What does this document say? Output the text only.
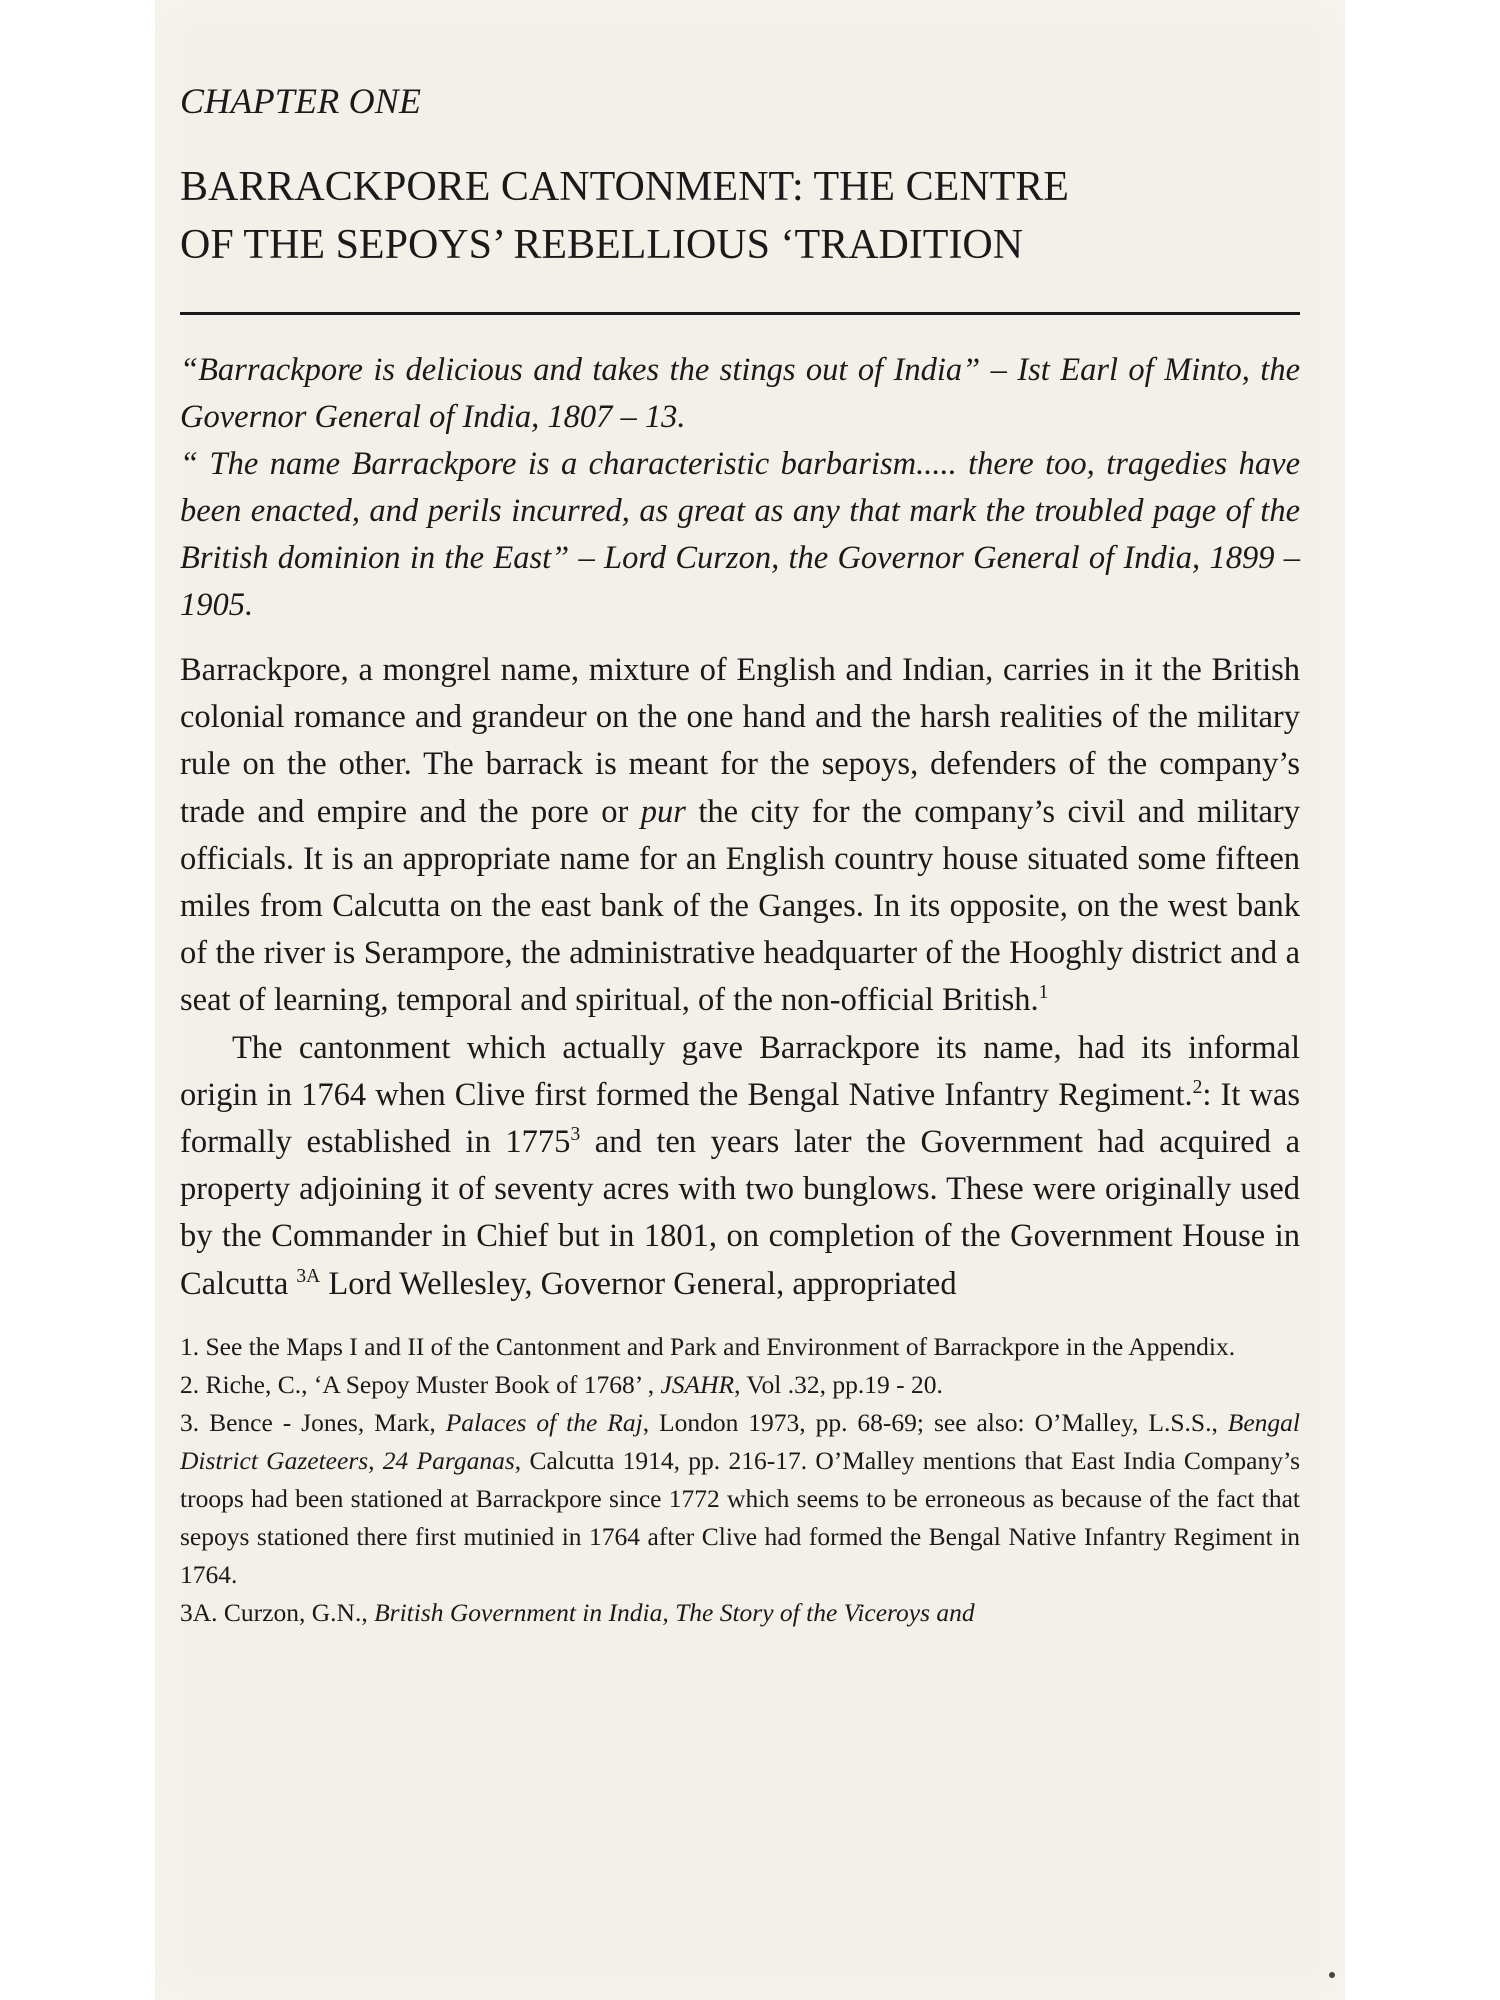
CHAPTER ONE

BARRACKPORE CANTONMENT: THE CENTRE
OF THE SEPOYS’ REBELLIOUS ‘TRADITION

“Barrackpore is delicious and takes the stings out of India” – Ist Earl of Minto, the Governor General of India, 1807 – 13.

“ The name Barrackpore is a characteristic barbarism..... there too, tragedies have been enacted, and perils incurred, as great as any that mark the troubled page of the British dominion in the East” – Lord Curzon, the Governor General of India, 1899 – 1905.

Barrackpore, a mongrel name, mixture of English and Indian, carries in it the British colonial romance and grandeur on the one hand and the harsh realities of the military rule on the other. The barrack is meant for the sepoys, defenders of the company’s trade and empire and the pore or pur the city for the company’s civil and military officials. It is an appropriate name for an English country house situated some fifteen miles from Calcutta on the east bank of the Ganges. In its opposite, on the west bank of the river is Serampore, the administrative headquarter of the Hooghly district and a seat of learning, temporal and spiritual, of the non-official British.$^1$

The cantonment which actually gave Barrackpore its name, had its informal origin in 1764 when Clive first formed the Bengal Native Infantry Regiment.$^2$: It was formally established in 1775$^3$ and ten years later the Government had acquired a property adjoining it of seventy acres with two bunglows. These were originally used by the Commander in Chief but in 1801, on completion of the Government House in Calcutta $^{3A}$ Lord Wellesley, Governor General, appropriated

1. See the Maps I and II of the Cantonment and Park and Environment of Barrackpore in the Appendix.

2. Riche, C., ‘A Sepoy Muster Book of 1768’ , JSAHR, Vol .32, pp.19 - 20.

3. Bence - Jones, Mark, Palaces of the Raj, London 1973, pp. 68-69; see also: O’Malley, L.S.S., Bengal District Gazeteers, 24 Parganas, Calcutta 1914, pp. 216-17. O’Malley mentions that East India Company’s troops had been stationed at Barrackpore since 1772 which seems to be erroneous as because of the fact that sepoys stationed there first mutinied in 1764 after Clive had formed the Bengal Native Infantry Regiment in 1764.

3A. Curzon, G.N., British Government in India, The Story of the Viceroys and
